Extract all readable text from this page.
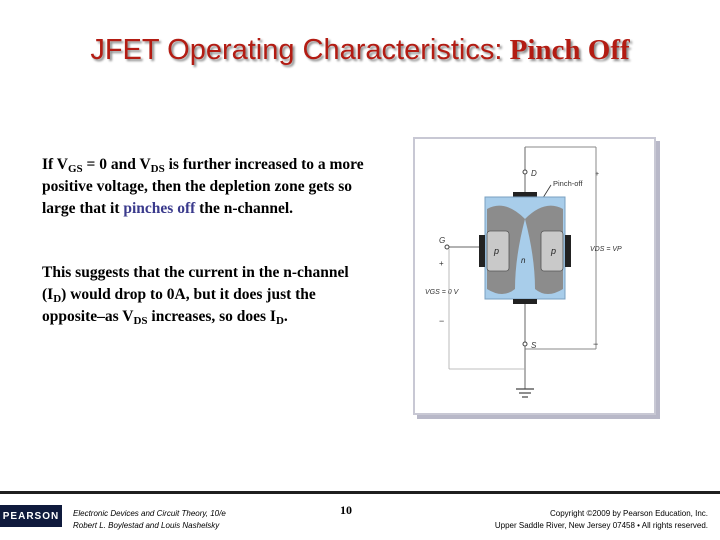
JFET Operating Characteristics: Pinch Off
If $V_{GS} = 0$ and $V_{DS}$ is further increased to a more positive voltage, then the depletion zone gets so large that it pinches off the n-channel.
This suggests that the current in the n-channel $(I_D)$ would drop to 0A, but it does just the opposite–as $V_{DS}$ increases, so does $I_D$.
D	+
Pinch-off
p	p
n
G
+
VGS = 0 V
−
VDS = VP
−
S
PEARSON	Electronic Devices and Circuit Theory, 10/e
Robert L. Boylestad and Louis Nashelsky
10	Copyright ©2009 by Pearson Education, Inc.
Upper Saddle River, New Jersey 07458 • All rights reserved.
